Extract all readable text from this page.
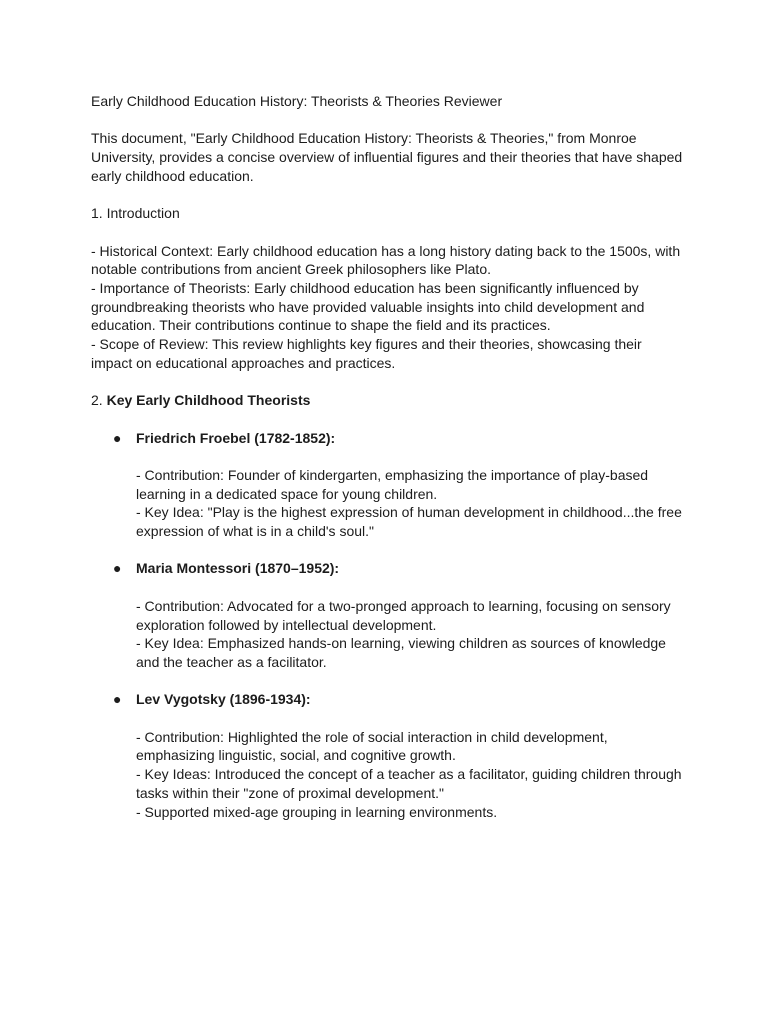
Early Childhood Education History: Theorists & Theories Reviewer

This document, "Early Childhood Education History: Theorists & Theories," from Monroe

University, provides a concise overview of influential figures and their theories that have shaped

early childhood education.

1. Introduction

- Historical Context: Early childhood education has a long history dating back to the 1500s, with

notable contributions from ancient Greek philosophers like Plato.

- Importance of Theorists: Early childhood education has been significantly influenced by

groundbreaking theorists who have provided valuable insights into child development and

education. Their contributions continue to shape the field and its practices.

- Scope of Review: This review highlights key figures and their theories, showcasing their

impact on educational approaches and practices.

2. Key Early Childhood Theorists

● Friedrich Froebel (1782-1852):

- Contribution: Founder of kindergarten, emphasizing the importance of play-based

learning in a dedicated space for young children.

- Key Idea: "Play is the highest expression of human development in childhood...the free

expression of what is in a child's soul."

● Maria Montessori (1870–1952):

- Contribution: Advocated for a two-pronged approach to learning, focusing on sensory

exploration followed by intellectual development.

- Key Idea: Emphasized hands-on learning, viewing children as sources of knowledge

and the teacher as a facilitator.

● Lev Vygotsky (1896-1934):

- Contribution: Highlighted the role of social interaction in child development,

emphasizing linguistic, social, and cognitive growth.

- Key Ideas: Introduced the concept of a teacher as a facilitator, guiding children through

tasks within their "zone of proximal development."

- Supported mixed-age grouping in learning environments.
